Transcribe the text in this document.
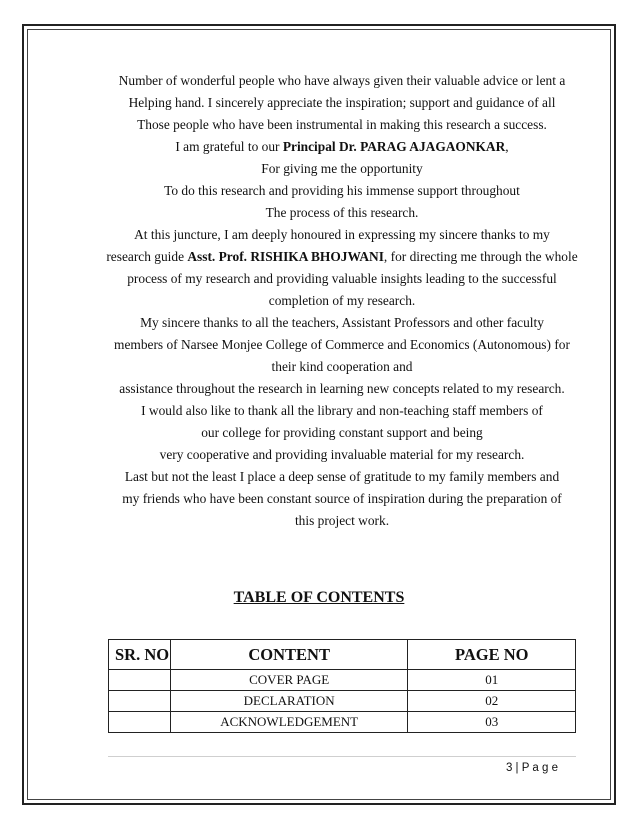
Number of wonderful people who have always given their valuable advice or lent a
Helping hand. I sincerely appreciate the inspiration; support and guidance of all
Those people who have been instrumental in making this research a success.
I am grateful to our Principal Dr. PARAG AJAGAONKAR,
For giving me the opportunity
To do this research and providing his immense support throughout
The process of this research.
At this juncture, I am deeply honoured in expressing my sincere thanks to my
research guide Asst. Prof. RISHIKA BHOJWANI, for directing me through the whole
process of my research and providing valuable insights leading to the successful
completion of my research.
My sincere thanks to all the teachers, Assistant Professors and other faculty
members of Narsee Monjee College of Commerce and Economics (Autonomous) for
their kind cooperation and
assistance throughout the research in learning new concepts related to my research.
I would also like to thank all the library and non-teaching staff members of
our college for providing constant support and being
very cooperative and providing invaluable material for my research.
Last but not the least I place a deep sense of gratitude to my family members and
my friends who have been constant source of inspiration during the preparation of
this project work.
TABLE OF CONTENTS
SR. NO	CONTENT	PAGE NO
	COVER PAGE	01
	DECLARATION	02
	ACKNOWLEDGEMENT	03
3 | P a g e
